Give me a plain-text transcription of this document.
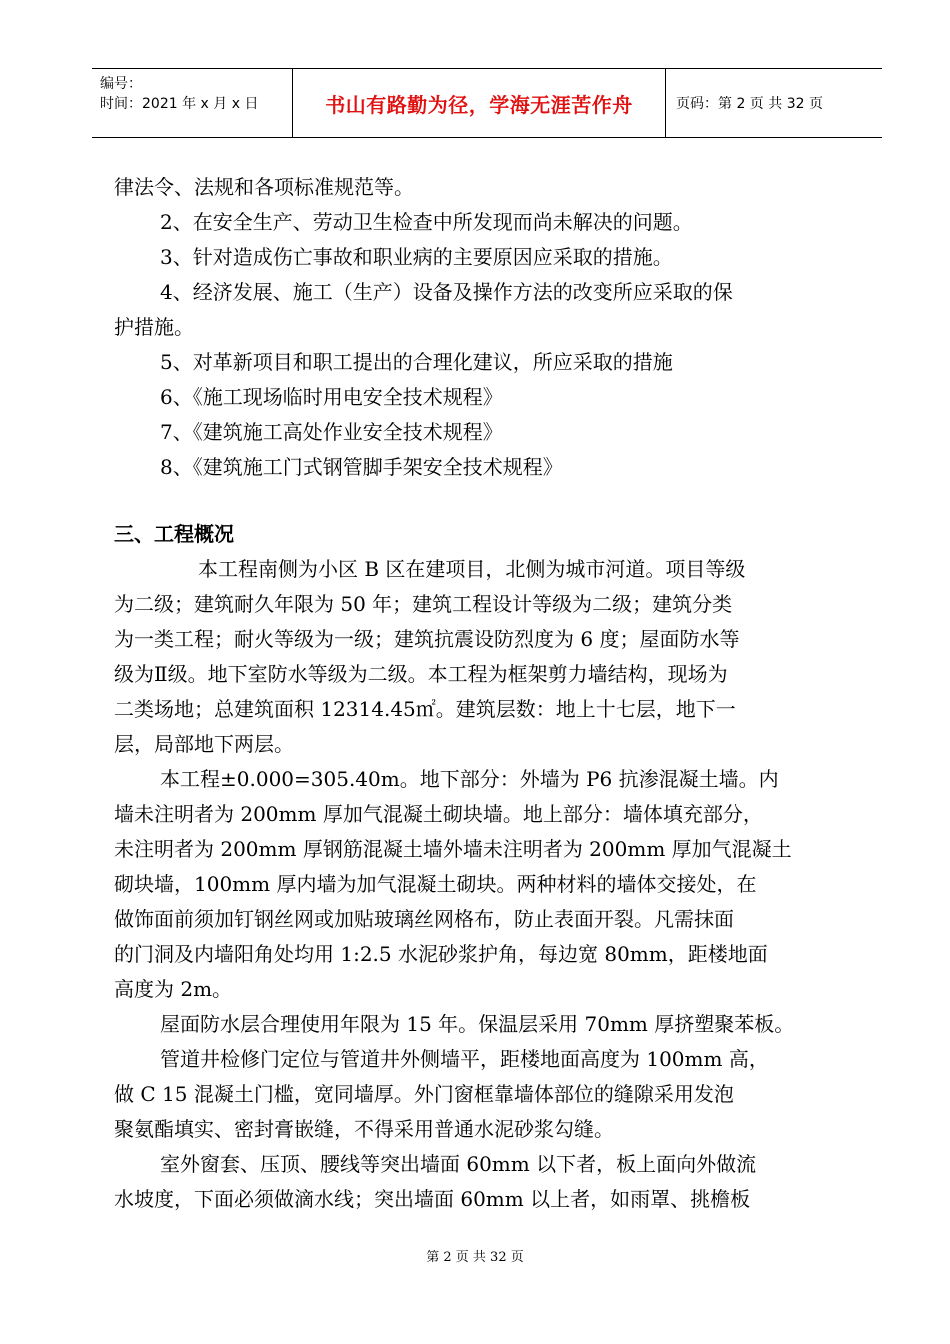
编号：
时间：2021 年 x 月 x 日	书山有路勤为径，学海无涯苦作舟	页码：第 2 页 共 32 页
律法令、法规和各项标准规范等。
2、在安全生产、劳动卫生检查中所发现而尚未解决的问题。
3、针对造成伤亡事故和职业病的主要原因应采取的措施。
4、经济发展、施工（生产）设备及操作方法的改变所应采取的保
护措施。
5、对革新项目和职工提出的合理化建议，所应采取的措施
6、《施工现场临时用电安全技术规程》
7、《建筑施工高处作业安全技术规程》
8、《建筑施工门式钢管脚手架安全技术规程》
三、工程概况
本工程南侧为小区 B 区在建项目，北侧为城市河道。项目等级
为二级；建筑耐久年限为 50 年；建筑工程设计等级为二级；建筑分类
为一类工程；耐火等级为一级；建筑抗震设防烈度为 6 度；屋面防水等
级为Ⅱ级。地下室防水等级为二级。本工程为框架剪力墙结构，现场为
二类场地；总建筑面积 12314.45㎡。建筑层数：地上十七层，地下一
层，局部地下两层。
本工程±0.000=305.40m。地下部分：外墙为 P6 抗渗混凝土墙。内
墙未注明者为 200mm 厚加气混凝土砌块墙。地上部分：墙体填充部分，
未注明者为 200mm 厚钢筋混凝土墙外墙未注明者为 200mm 厚加气混凝土
砌块墙，100mm 厚内墙为加气混凝土砌块。两种材料的墙体交接处，在
做饰面前须加钉钢丝网或加贴玻璃丝网格布，防止表面开裂。凡需抹面
的门洞及内墙阳角处均用 1:2.5 水泥砂浆护角，每边宽 80mm，距楼地面
高度为 2m。
屋面防水层合理使用年限为 15 年。保温层采用 70mm 厚挤塑聚苯板。
管道井检修门定位与管道井外侧墙平，距楼地面高度为 100mm 高，
做 C 15 混凝土门槛，宽同墙厚。外门窗框靠墙体部位的缝隙采用发泡
聚氨酯填实、密封膏嵌缝，不得采用普通水泥砂浆勾缝。
室外窗套、压顶、腰线等突出墙面 60mm 以下者，板上面向外做流
水坡度，下面必须做滴水线；突出墙面 60mm 以上者，如雨罩、挑檐板
第 2 页 共 32 页
